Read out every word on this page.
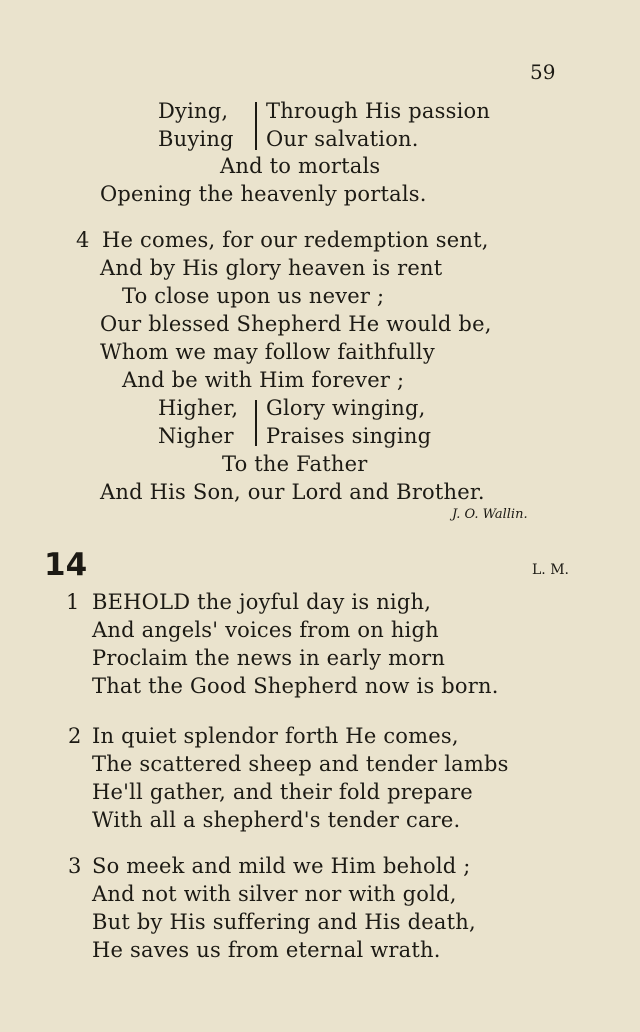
59
Dying, Through His passion
Buying Our salvation.
And to mortals
Opening the heavenly portals.
4 He comes, for our redemption sent,
And by His glory heaven is rent
To close upon us never ;
Our blessed Shepherd He would be,
Whom we may follow faithfully
And be with Him forever ;
Higher, Glory winging,
Nigher Praises singing
To the Father
And His Son, our Lord and Brother.
J. O. Wallin.
14	L. M.
1 BEHOLD the joyful day is nigh,
And angels' voices from on high
Proclaim the news in early morn
That the Good Shepherd now is born.
2 In quiet splendor forth He comes,
The scattered sheep and tender lambs
He'll gather, and their fold prepare
With all a shepherd's tender care.
3 So meek and mild we Him behold ;
And not with silver nor with gold,
But by His suffering and His death,
He saves us from eternal wrath.
